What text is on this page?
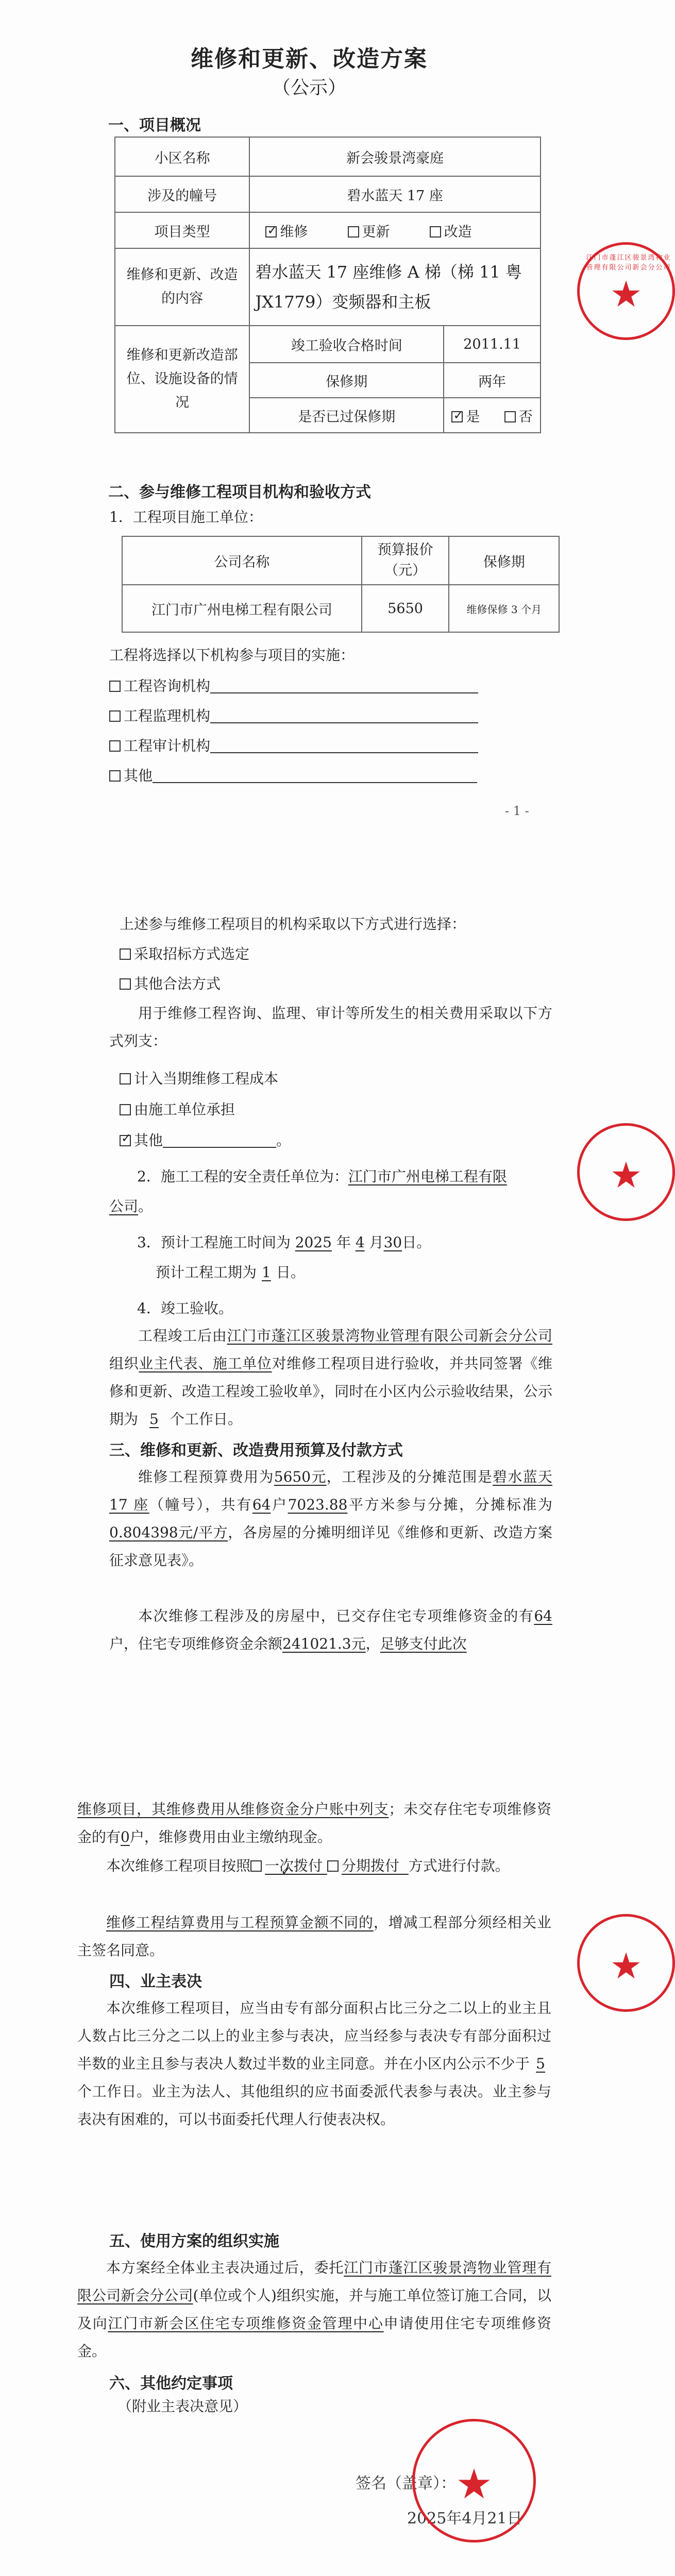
维修和更新、改造方案
（公示）
一、项目概况
小区名称	新会骏景湾豪庭	
涉及的幢号	碧水蓝天 17 座	
项目类型	✓维修 更新 改造
维修和更新、改造的内容	碧水蓝天 17 座维修 A 梯（梯 11 粤 JX1779）变频器和主板	
维修和更新改造部位、设施设备的情况	竣工验收合格时间	2011.11
	保修期	两年
	是否已过保修期	✓是 否
二、参与维修工程项目机构和验收方式
1．工程项目施工单位：
公司名称	预算报价（元）	保修期
江门市广州电梯工程有限公司	5650	维修保修 3 个月
工程将选择以下机构参与项目的实施：
工程咨询机构
工程监理机构
工程审计机构
其他
- 1 -
江门市蓬江区骏景湾物业管理有限公司新会分公司
★
上述参与维修工程项目的机构采取以下方式进行选择：
采取招标方式选定
其他合法方式
用于维修工程咨询、监理、审计等所发生的相关费用采取以下方式列支：
计入当期维修工程成本
由施工单位承担
✓其他	。
2．施工工程的安全责任单位为：江门市广州电梯工程有限
公司。
3．预计工程施工时间为 2025 年 4 月30日。
预计工程工期为 1 日。
4．竣工验收。
工程竣工后由江门市蓬江区骏景湾物业管理有限公司新会分公司组织业主代表、施工单位对维修工程项目进行验收，并共同签署《维修和更新、改造工程竣工验收单》，同时在小区内公示验收结果，公示期为 5 个工作日。
三、维修和更新、改造费用预算及付款方式
维修工程预算费用为5650元，工程涉及的分摊范围是碧水蓝天 17 座（幢号），共有64户7023.88平方米参与分摊，分摊标准为0.804398元/平方，各房屋的分摊明细详见《维修和更新、改造方案征求意见表》。
本次维修工程涉及的房屋中，已交存住宅专项维修资金的有64户，住宅专项维修资金余额241021.3元，足够支付此次
★
维修项目，其维修费用从维修资金分户账中列支；未交存住宅专项维修资金的有0户，维修费用由业主缴纳现金。
本次维修工程项目按照 ✓ 一次拨付 分期拨付 方式进行付款。
维修工程结算费用与工程预算金额不同的，增减工程部分须经相关业主签名同意。
四、业主表决
本次维修工程项目，应当由专有部分面积占比三分之二以上的业主且人数占比三分之二以上的业主参与表决，应当经参与表决专有部分面积过半数的业主且参与表决人数过半数的业主同意。并在小区内公示不少于 5个工作日。业主为法人、其他组织的应书面委派代表参与表决。业主参与表决有困难的，可以书面委托代理人行使表决权。
五、使用方案的组织实施
本方案经全体业主表决通过后，委托江门市蓬江区骏景湾物业管理有限公司新会分公司(单位或个人)组织实施，并与施工单位签订施工合同，以及向江门市新会区住宅专项维修资金管理中心申请使用住宅专项维修资金。
六、其他约定事项
（附业主表决意见）
签名（盖章）：
2025年4月21日
★
★
